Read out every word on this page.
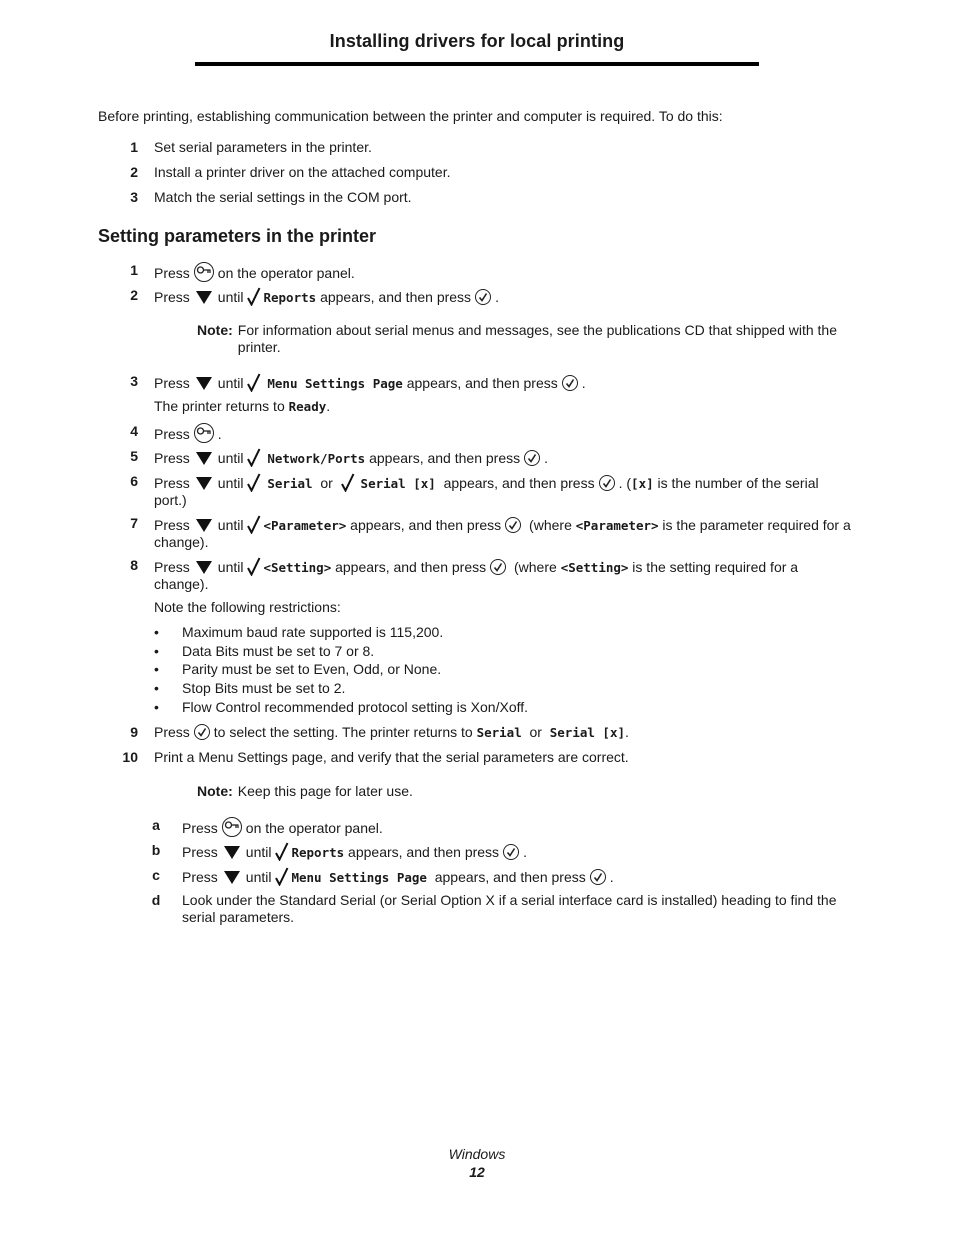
Installing drivers for local printing
Before printing, establishing communication between the printer and computer is required. To do this:
1 Set serial parameters in the printer.
2 Install a printer driver on the attached computer.
3 Match the serial settings in the COM port.
Setting parameters in the printer
1 Press on the operator panel.
2 Press until Reports appears, and then press .
Note: For information about serial menus and messages, see the publications CD that shipped with the printer.
3 Press until Menu Settings Page appears, and then press .
The printer returns to Ready.
4 Press .
5 Press until Network/Ports appears, and then press .
6 Press until Serial or Serial [x] appears, and then press . ([x] is the number of the serial port.)
7 Press until <Parameter> appears, and then press
(where <Parameter> is the parameter required for a change).
8 Press until <Setting> appears, and then press
(where <Setting> is the setting required for a change).
Note the following restrictions:
• Maximum baud rate supported is 115,200.
• Data Bits must be set to 7 or 8.
• Parity must be set to Even, Odd, or None.
• Stop Bits must be set to 2.
• Flow Control recommended protocol setting is Xon/Xoff.
9 Press to select the setting. The printer returns to Serial or Serial [x].
10 Print a Menu Settings page, and verify that the serial parameters are correct.
Note: Keep this page for later use.
a Press on the operator panel.
b Press until Reports appears, and then press .
c Press until Menu Settings Page appears, and then press .
d Look under the Standard Serial (or Serial Option X if a serial interface card is installed) heading to find the serial parameters.
Windows
12
